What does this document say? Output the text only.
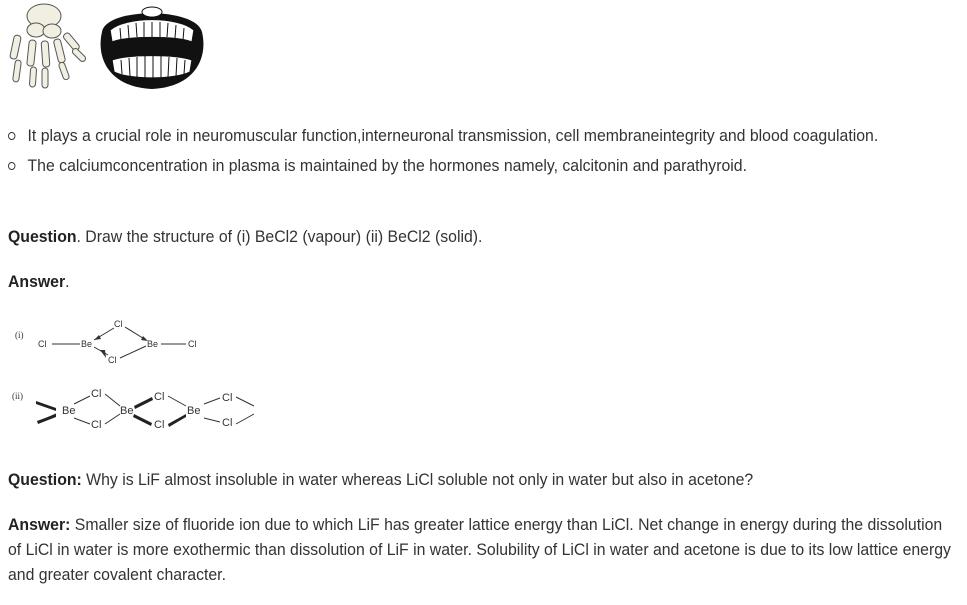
It plays a crucial role in neuromuscular function,interneuronal transmission, cell membraneintegrity and blood coagulation.
The calciumconcentration in plasma is maintained by the hormones namely, calcitonin and parathyroid.

Question. Draw the structure of (i) BeCl2 (vapour) (ii) BeCl2 (solid).

Answer.

(i)
Cl	Be
Cl
Cl
Be	Cl
(ii)
Be
Cl
Cl
Be
Cl
Cl
Be
Cl
Cl

Question: Why is LiF almost insoluble in water whereas LiCl soluble not only in water but also in acetone?

Answer: Smaller size of fluoride ion due to which LiF has greater lattice energy than LiCl. Net change in energy during the dissolution of LiCl in water is more exothermic than dissolution of LiF in water. Solubility of LiCl in water and acetone is due to its low lattice energy and greater covalent character.
